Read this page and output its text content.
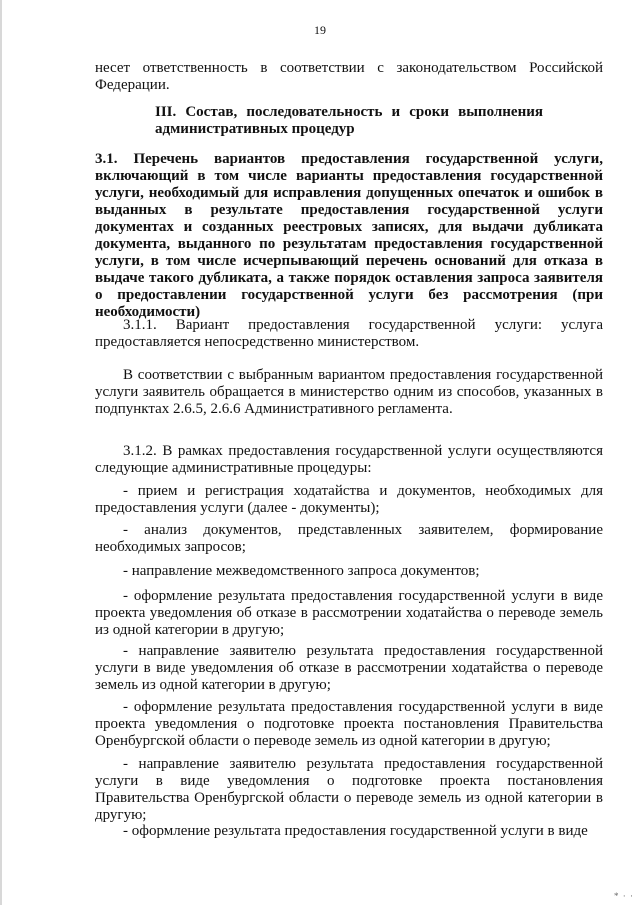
19
несет ответственность в соответствии с законодательством Российской Федерации.
III. Состав, последовательность и сроки выполнения административных процедур
3.1. Перечень вариантов предоставления государственной услуги, включающий в том числе варианты предоставления государственной услуги, необходимый для исправления допущенных опечаток и ошибок в выданных в результате предоставления государственной услуги документах и созданных реестровых записях, для выдачи дубликата документа, выданного по результатам предоставления государственной услуги, в том числе исчерпывающий перечень оснований для отказа в выдаче такого дубликата, а также порядок оставления запроса заявителя о предоставлении государственной услуги без рассмотрения (при необходимости)
3.1.1. Вариант предоставления государственной услуги: услуга предоставляется непосредственно министерством.
В соответствии с выбранным вариантом предоставления государственной услуги заявитель обращается в министерство одним из способов, указанных в подпунктах 2.6.5, 2.6.6 Административного регламента.
3.1.2. В рамках предоставления государственной услуги осуществляются следующие административные процедуры:
- прием и регистрация ходатайства и документов, необходимых для предоставления услуги (далее - документы);
- анализ документов, представленных заявителем, формирование необходимых запросов;
- направление межведомственного запроса документов;
- оформление результата предоставления государственной услуги в виде проекта уведомления об отказе в рассмотрении ходатайства о переводе земель из одной категории в другую;
- направление заявителю результата предоставления государственной услуги в виде уведомления об отказе в рассмотрении ходатайства о переводе земель из одной категории в другую;
- оформление результата предоставления государственной услуги в виде проекта уведомления о подготовке проекта постановления Правительства Оренбургской области о переводе земель из одной категории в другую;
- направление заявителю результата предоставления государственной услуги в виде уведомления о подготовке проекта постановления Правительства Оренбургской области о переводе земель из одной категории в другую;
- оформление результата предоставления государственной услуги в виде
* · ·
